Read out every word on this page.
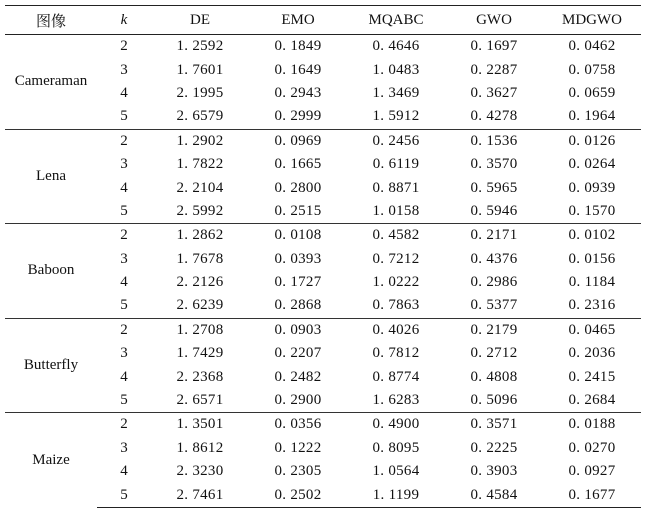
图像	k	DE	EMO	MQABC	GWO	MDGWO
Cameraman	2	1. 2592	0. 1849	0. 4646	0. 1697	0. 0462
	3	1. 7601	0. 1649	1. 0483	0. 2287	0. 0758
	4	2. 1995	0. 2943	1. 3469	0. 3627	0. 0659
	5	2. 6579	0. 2999	1. 5912	0. 4278	0. 1964
Lena	2	1. 2902	0. 0969	0. 2456	0. 1536	0. 0126
	3	1. 7822	0. 1665	0. 6119	0. 3570	0. 0264
	4	2. 2104	0. 2800	0. 8871	0. 5965	0. 0939
	5	2. 5992	0. 2515	1. 0158	0. 5946	0. 1570
Baboon	2	1. 2862	0. 0108	0. 4582	0. 2171	0. 0102
	3	1. 7678	0. 0393	0. 7212	0. 4376	0. 0156
	4	2. 2126	0. 1727	1. 0222	0. 2986	0. 1184
	5	2. 6239	0. 2868	0. 7863	0. 5377	0. 2316
Butterfly	2	1. 2708	0. 0903	0. 4026	0. 2179	0. 0465
	3	1. 7429	0. 2207	0. 7812	0. 2712	0. 2036
	4	2. 2368	0. 2482	0. 8774	0. 4808	0. 2415
	5	2. 6571	0. 2900	1. 6283	0. 5096	0. 2684
Maize	2	1. 3501	0. 0356	0. 4900	0. 3571	0. 0188
	3	1. 8612	0. 1222	0. 8095	0. 2225	0. 0270
	4	2. 3230	0. 2305	1. 0564	0. 3903	0. 0927
	5	2. 7461	0. 2502	1. 1199	0. 4584	0. 1677
